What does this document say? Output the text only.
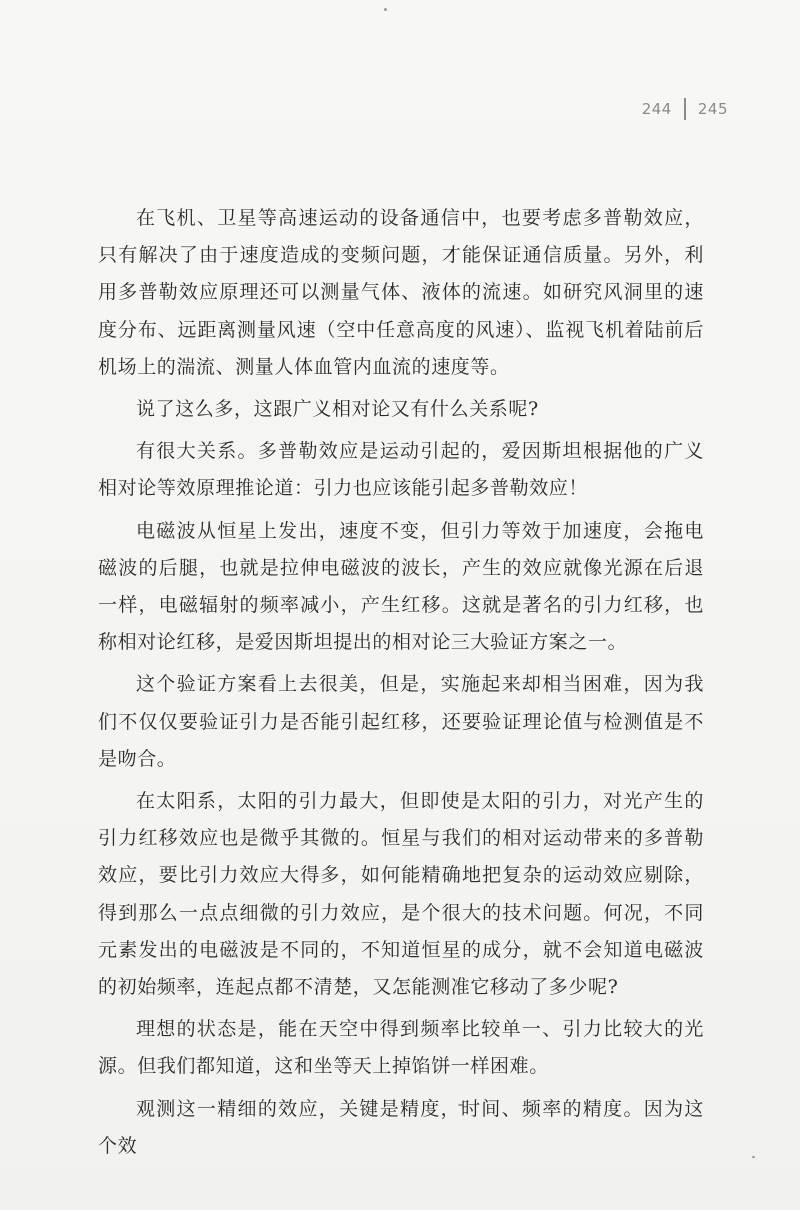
244 245

在飞机、卫星等高速运动的设备通信中，也要考虑多普勒效应，只有解决了由于速度造成的变频问题，才能保证通信质量。另外，利用多普勒效应原理还可以测量气体、液体的流速。如研究风洞里的速度分布、远距离测量风速（空中任意高度的风速）、监视飞机着陆前后机场上的湍流、测量人体血管内血流的速度等。

说了这么多，这跟广义相对论又有什么关系呢?

有很大关系。多普勒效应是运动引起的，爱因斯坦根据他的广义相对论等效原理推论道：引力也应该能引起多普勒效应！

电磁波从恒星上发出，速度不变，但引力等效于加速度，会拖电磁波的后腿，也就是拉伸电磁波的波长，产生的效应就像光源在后退一样，电磁辐射的频率减小，产生红移。这就是著名的引力红移，也称相对论红移，是爱因斯坦提出的相对论三大验证方案之一。

这个验证方案看上去很美，但是，实施起来却相当困难，因为我们不仅仅要验证引力是否能引起红移，还要验证理论值与检测值是不是吻合。

在太阳系，太阳的引力最大，但即使是太阳的引力，对光产生的引力红移效应也是微乎其微的。恒星与我们的相对运动带来的多普勒效应，要比引力效应大得多，如何能精确地把复杂的运动效应剔除，得到那么一点点细微的引力效应，是个很大的技术问题。何况，不同元素发出的电磁波是不同的，不知道恒星的成分，就不会知道电磁波的初始频率，连起点都不清楚，又怎能测准它移动了多少呢?

理想的状态是，能在天空中得到频率比较单一、引力比较大的光源。但我们都知道，这和坐等天上掉馅饼一样困难。

观测这一精细的效应，关键是精度，时间、频率的精度。因为这个效
